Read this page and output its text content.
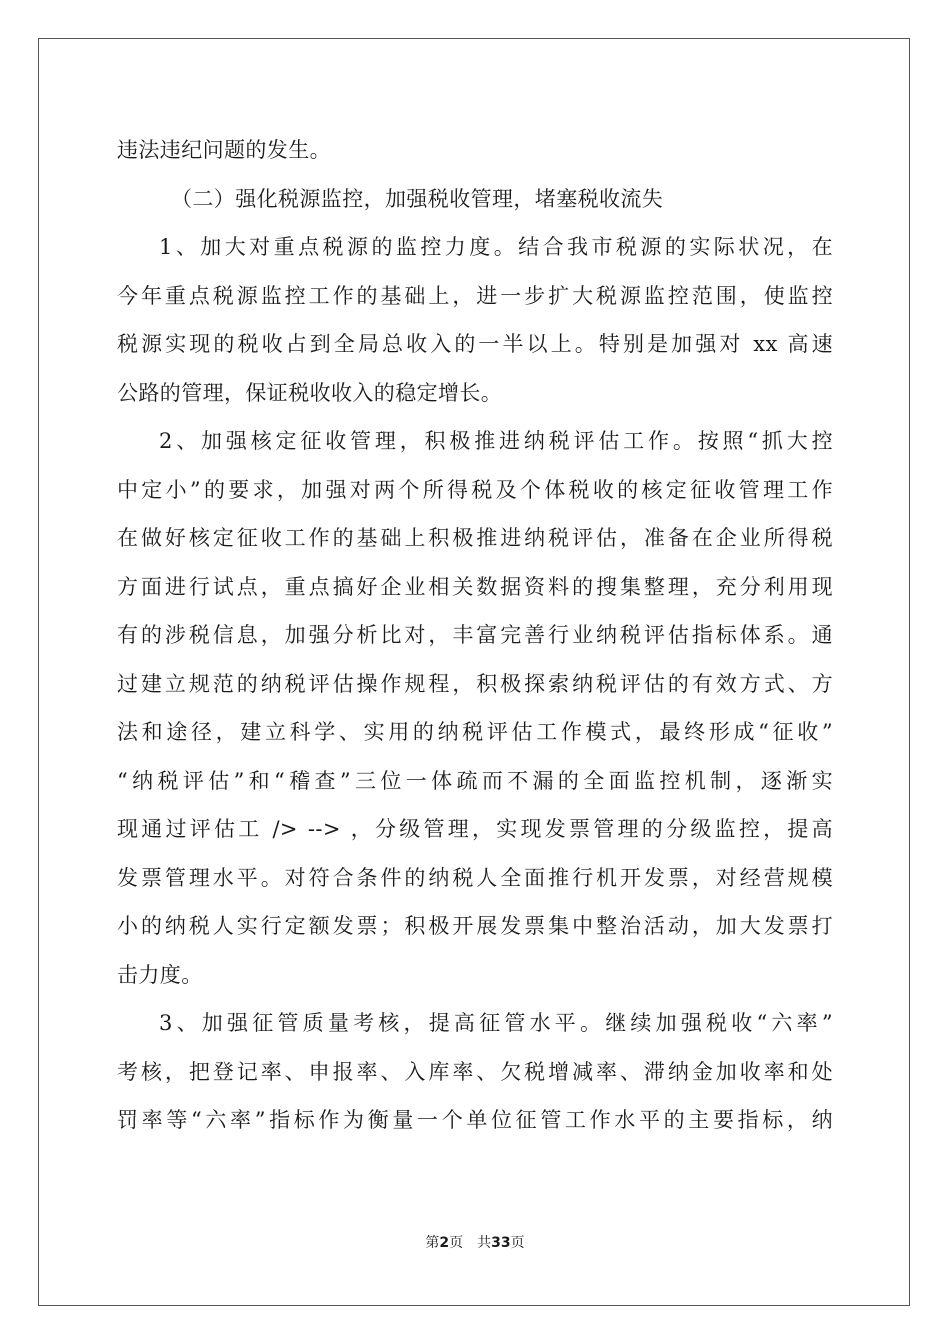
违法违纪问题的发生。
（二）强化税源监控，加强税收管理，堵塞税收流失
1、加大对重点税源的监控力度。结合我市税源的实际状况，在
今年重点税源监控工作的基础上，进一步扩大税源监控范围，使监控
税源实现的税收占到全局总收入的一半以上。特别是加强对 xx 高速
公路的管理，保证税收收入的稳定增长。
2、加强核定征收管理，积极推进纳税评估工作。按照“抓大控
中定小”的要求，加强对两个所得税及个体税收的核定征收管理工作
在做好核定征收工作的基础上积极推进纳税评估，准备在企业所得税
方面进行试点，重点搞好企业相关数据资料的搜集整理，充分利用现
有的涉税信息，加强分析比对，丰富完善行业纳税评估指标体系。通
过建立规范的纳税评估操作规程，积极探索纳税评估的有效方式、方
法和途径，建立科学、实用的纳税评估工作模式，最终形成“征收”
“纳税评估”和“稽查”三位一体疏而不漏的全面监控机制，逐渐实
现通过评估工 /> --> ，分级管理，实现发票管理的分级监控，提高
发票管理水平。对符合条件的纳税人全面推行机开发票，对经营规模
小的纳税人实行定额发票；积极开展发票集中整治活动，加大发票打
击力度。
3、加强征管质量考核，提高征管水平。继续加强税收“六率”
考核，把登记率、申报率、入库率、欠税增减率、滞纳金加收率和处
罚率等“六率”指标作为衡量一个单位征管工作水平的主要指标，纳
第2页 共33页
